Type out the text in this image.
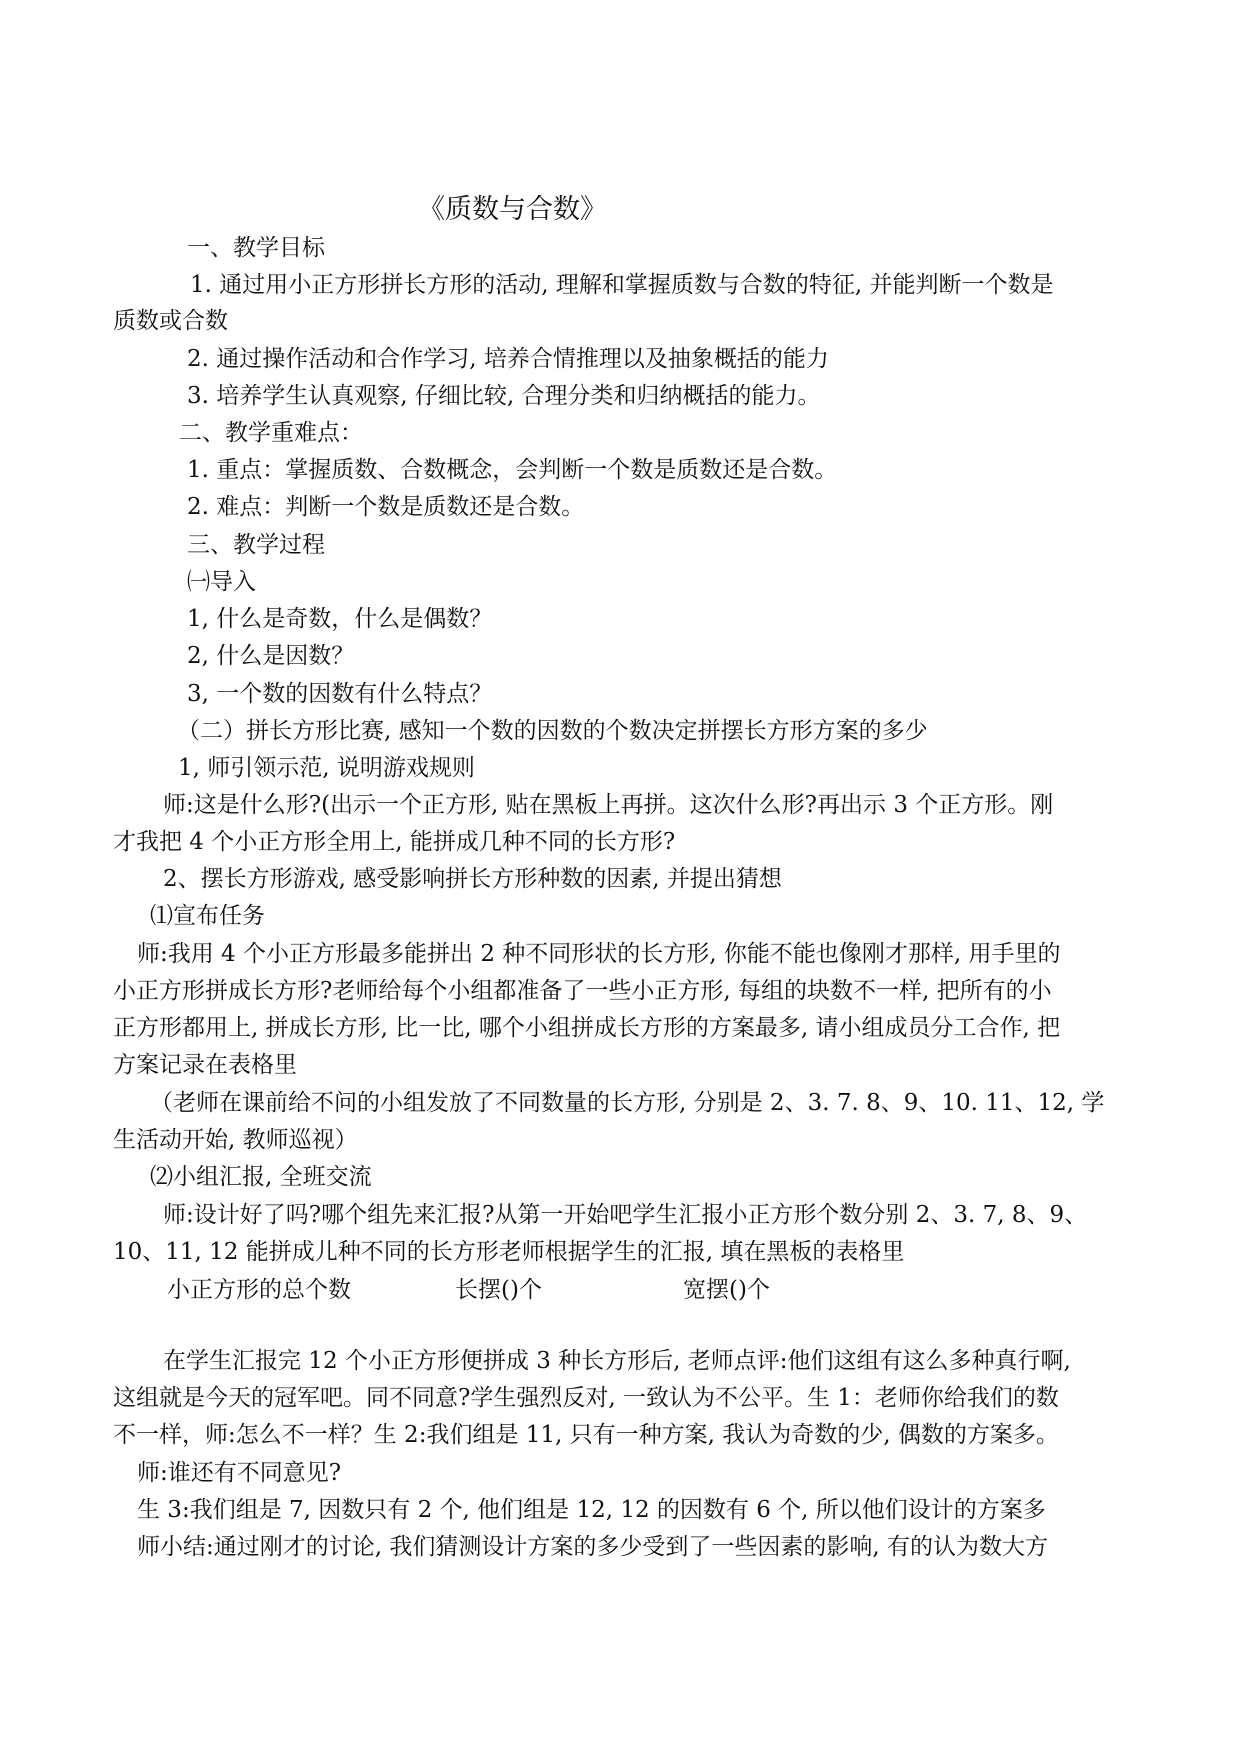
《质数与合数》
一、教学目标
1. 通过用小正方形拼长方形的活动, 理解和掌握质数与合数的特征, 并能判断一个数是
质数或合数
2. 通过操作活动和合作学习, 培养合情推理以及抽象概括的能力
3. 培养学生认真观察, 仔细比较, 合理分类和归纳概括的能力。
二、教学重难点：
1. 重点：掌握质数、合数概念，会判断一个数是质数还是合数。
2. 难点：判断一个数是质数还是合数。
三、教学过程
㈠导入
1, 什么是奇数，什么是偶数？
2, 什么是因数？
3, 一个数的因数有什么特点？
（二）拼长方形比赛, 感知一个数的因数的个数决定拼摆长方形方案的多少
1, 师引领示范, 说明游戏规则
师:这是什么形?(出示一个正方形, 贴在黑板上再拼。这次什么形?再出示 3 个正方形。刚
才我把 4 个小正方形全用上, 能拼成几种不同的长方形?
2、摆长方形游戏, 感受影响拼长方形种数的因素, 并提出猜想
⑴宣布任务
师:我用 4 个小正方形最多能拼出 2 种不同形状的长方形, 你能不能也像刚才那样, 用手里的
小正方形拼成长方形?老师给每个小组都准备了一些小正方形, 每组的块数不一样, 把所有的小
正方形都用上, 拼成长方形, 比一比, 哪个小组拼成长方形的方案最多, 请小组成员分工合作, 把
方案记录在表格里
（老师在课前给不问的小组发放了不同数量的长方形, 分别是 2、3. 7. 8、9、10. 11、12, 学
生活动开始, 教师巡视）
⑵小组汇报, 全班交流
师:设计好了吗?哪个组先来汇报?从第一开始吧学生汇报小正方形个数分别 2、3. 7, 8、9、
10、11, 12 能拼成儿种不同的长方形老师根据学生的汇报, 填在黑板的表格里
小正方形的总个数	长摆()个	宽摆()个
在学生汇报完 12 个小正方形便拼成 3 种长方形后, 老师点评:他们这组有这么多种真行啊,
这组就是今天的冠军吧。同不同意?学生强烈反对, 一致认为不公平。生 1：老师你给我们的数
不一样，师:怎么不一样？生 2:我们组是 11, 只有一种方案, 我认为奇数的少, 偶数的方案多。
师:谁还有不同意见?
生 3:我们组是 7, 因数只有 2 个, 他们组是 12, 12 的因数有 6 个, 所以他们设计的方案多
师小结:通过刚才的讨论, 我们猜测设计方案的多少受到了一些因素的影响, 有的认为数大方
